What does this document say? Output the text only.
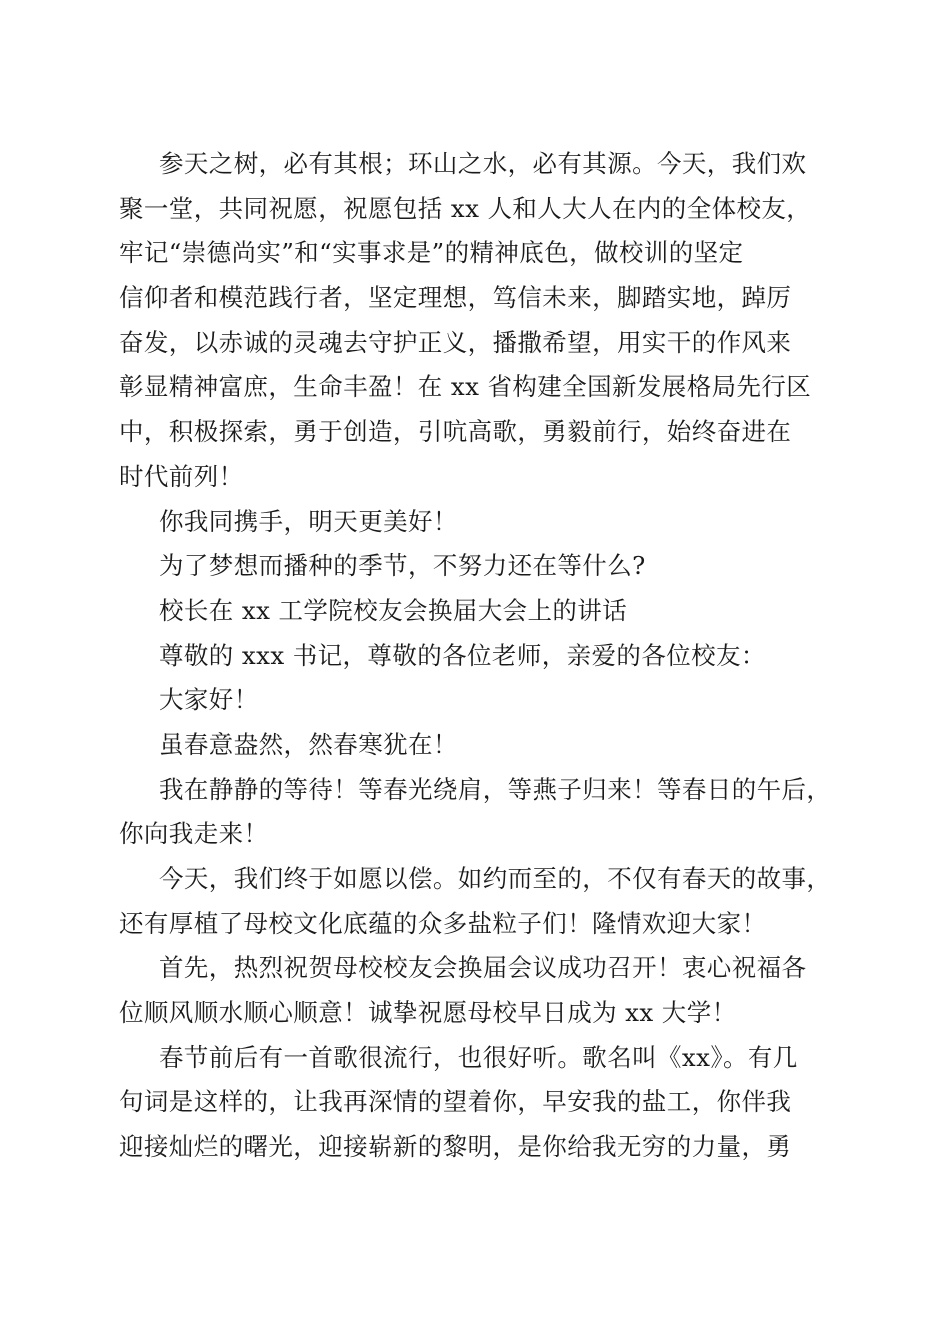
参天之树，必有其根；环山之水，必有其源。今天，我们欢
聚一堂，共同祝愿，祝愿包括 xx 人和人大人在内的全体校友，
牢记“崇德尚实”和“实事求是”的精神底色，做校训的坚定
信仰者和模范践行者，坚定理想，笃信未来，脚踏实地，踔厉
奋发，以赤诚的灵魂去守护正义，播撒希望，用实干的作风来
彰显精神富庶，生命丰盈！在 xx 省构建全国新发展格局先行区
中，积极探索，勇于创造，引吭高歌，勇毅前行，始终奋进在
时代前列！
你我同携手，明天更美好！
为了梦想而播种的季节，不努力还在等什么?
校长在 xx 工学院校友会换届大会上的讲话
尊敬的 xxx 书记，尊敬的各位老师，亲爱的各位校友：
大家好！
虽春意盎然，然春寒犹在！
我在静静的等待！等春光绕肩，等燕子归来！等春日的午后，
你向我走来！
今天，我们终于如愿以偿。如约而至的，不仅有春天的故事，
还有厚植了母校文化底蕴的众多盐粒子们！隆情欢迎大家！
首先，热烈祝贺母校校友会换届会议成功召开！衷心祝福各
位顺风顺水顺心顺意！诚挚祝愿母校早日成为 xx 大学！
春节前后有一首歌很流行，也很好听。歌名叫《xx》。有几
句词是这样的，让我再深情的望着你，早安我的盐工，你伴我
迎接灿烂的曙光，迎接崭新的黎明，是你给我无穷的力量，勇
